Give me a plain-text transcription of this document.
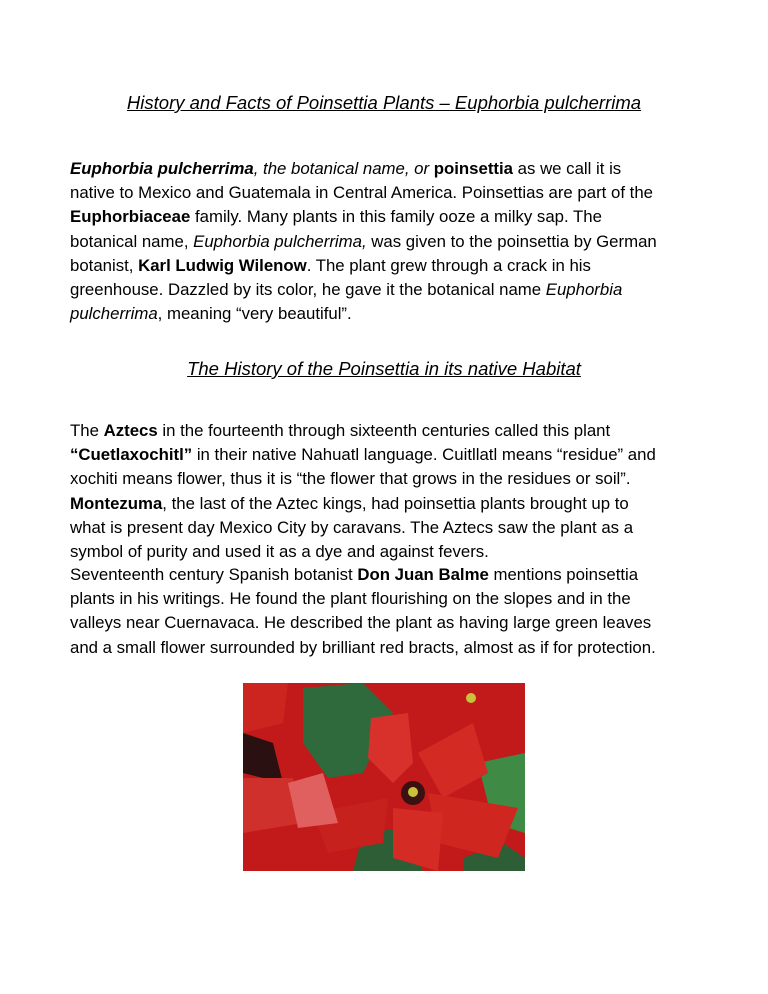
History and Facts of Poinsettia Plants – Euphorbia pulcherrima
Euphorbia pulcherrima, the botanical name, or poinsettia as we call it is
native to Mexico and Guatemala in Central America. Poinsettias are part of the
Euphorbiaceae family. Many plants in this family ooze a milky sap. The
botanical name, Euphorbia pulcherrima, was given to the poinsettia by German
botanist, Karl Ludwig Wilenow. The plant grew through a crack in his
greenhouse. Dazzled by its color, he gave it the botanical name Euphorbia
pulcherrima, meaning “very beautiful”.
The History of the Poinsettia in its native Habitat
The Aztecs in the fourteenth through sixteenth centuries called this plant
“Cuetlaxochitl” in their native Nahuatl language. Cuitllatl means “residue” and
xochiti means flower, thus it is “the flower that grows in the residues or soil”.
Montezuma, the last of the Aztec kings, had poinsettia plants brought up to
what is present day Mexico City by caravans. The Aztecs saw the plant as a
symbol of purity and used it as a dye and against fevers.
Seventeenth century Spanish botanist Don Juan Balme mentions poinsettia
plants in his writings. He found the plant flourishing on the slopes and in the
valleys near Cuernavaca. He described the plant as having large green leaves
and a small flower surrounded by brilliant red bracts, almost as if for protection.
